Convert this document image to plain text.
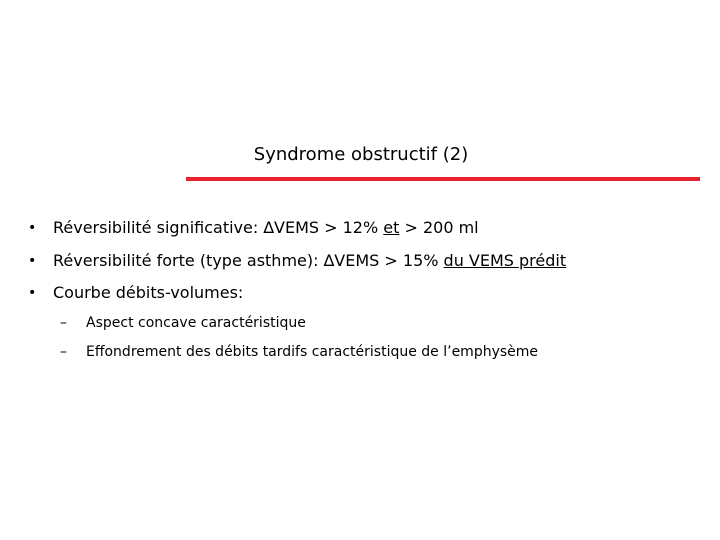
Syndrome obstructif (2)
• Réversibilité significative: ∆VEMS > 12% et > 200 ml
• Réversibilité forte (type asthme): ∆VEMS > 15% du VEMS prédit
• Courbe débits-volumes:
– Aspect concave caractéristique
– Effondrement des débits tardifs caractéristique de l’emphysème
